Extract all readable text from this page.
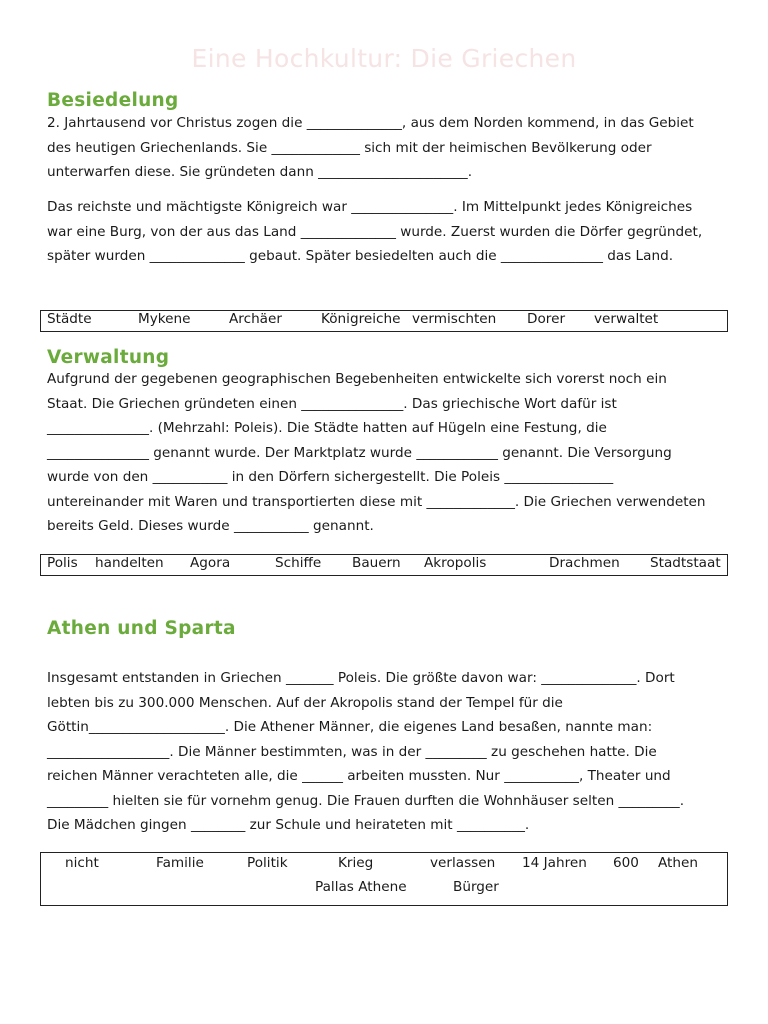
Eine Hochkultur: Die Griechen
Besiedelung
2. Jahrtausend vor Christus zogen die ______________, aus dem Norden kommend, in das Gebiet
des heutigen Griechenlands. Sie _____________ sich mit der heimischen Bevölkerung oder
unterwarfen diese. Sie gründeten dann ______________________.
Das reichste und mächtigste Königreich war _______________. Im Mittelpunkt jedes Königreiches
war eine Burg, von der aus das Land ______________ wurde. Zuerst wurden die Dörfer gegründet,
später wurden ______________ gebaut. Später besiedelten auch die _______________ das Land.
Städte	Mykene	Archäer	Königreiche vermischten Dorer verwaltet
Verwaltung
Aufgrund der gegebenen geographischen Begebenheiten entwickelte sich vorerst noch ein
Staat. Die Griechen gründeten einen _______________. Das griechische Wort dafür ist
_______________. (Mehrzahl: Poleis). Die Städte hatten auf Hügeln eine Festung, die
_______________ genannt wurde. Der Marktplatz wurde ____________ genannt. Die Versorgung
wurde von den ___________ in den Dörfern sichergestellt. Die Poleis ________________
untereinander mit Waren und transportierten diese mit _____________. Die Griechen verwendeten
bereits Geld. Dieses wurde ___________ genannt.
Polis handelten Agora	Schiffe Bauern Akropolis	Drachmen Stadtstaat
Athen und Sparta
Insgesamt entstanden in Griechen _______ Poleis. Die größte davon war: ______________. Dort
lebten bis zu 300.000 Menschen. Auf der Akropolis stand der Tempel für die
Göttin____________________. Die Athener Männer, die eigenes Land besaßen, nannte man:
__________________. Die Männer bestimmten, was in der _________ zu geschehen hatte. Die
reichen Männer verachteten alle, die ______ arbeiten mussten. Nur ___________, Theater und
_________ hielten sie für vornehm genug. Die Frauen durften die Wohnhäuser selten _________.
Die Mädchen gingen ________ zur Schule und heirateten mit __________.
nicht	Familie	Politik	Krieg	verlassen 14 Jahren 600 Athen
Pallas Athene	Bürger
